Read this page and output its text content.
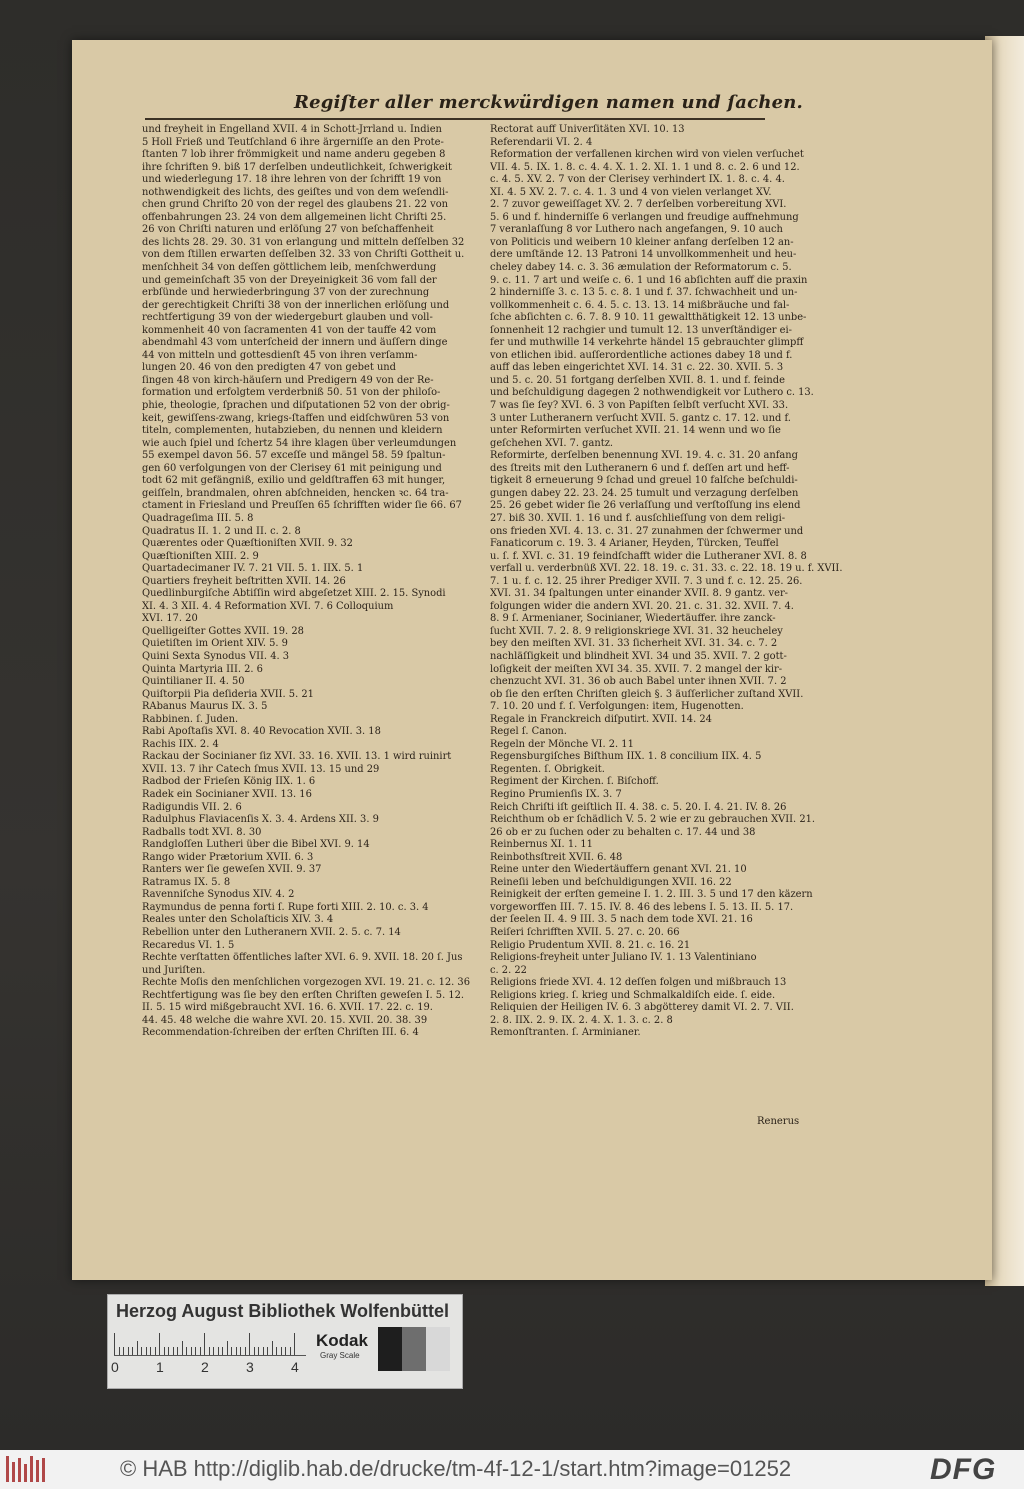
Regiſter aller merckwürdigen namen und ſachen.
und freyheit in Engelland XVII. 4 in Schott-Jrrland u. Indien
5 Holl Frieß und Teutſchland 6 ihre ärgerniſſe an den Prote-
ſtanten 7 lob ihrer frömmigkeit und name anderu gegeben 8
ihre ſchriften 9. biß 17 derſelben undeutlichkeit, ſchwerigkeit
und wiederlegung 17. 18 ihre lehren von der ſchrifft 19 von
nothwendigkeit des lichts, des geiſtes und von dem weſendli-
chen grund Chriſto 20 von der regel des glaubens 21. 22 von
offenbahrungen 23. 24 von dem allgemeinen licht Chriſti 25.
26 von Chriſti naturen und erlöſung 27 von beſchaffenheit
des lichts 28. 29. 30. 31 von erlangung und mitteln deſſelben 32
von dem ſtillen erwarten deſſelben 32. 33 von Chriſti Gottheit u.
menſchheit 34 von deſſen göttlichem leib, menſchwerdung
und gemeinſchaft 35 von der Dreyeinigkeit 36 vom fall der
erbſünde und herwiederbringung 37 von der zurechnung
der gerechtigkeit Chriſti 38 von der innerlichen erlöſung und
rechtfertigung 39 von der wiedergeburt glauben und voll-
kommenheit 40 von ſacramenten 41 von der tauffe 42 vom
abendmahl 43 vom unterſcheid der innern und äuſſern dinge
44 von mitteln und gottesdienſt 45 von ihren verſamm-
lungen 20. 46 von den predigten 47 von gebet und
ſingen 48 von kirch-häuſern und Predigern 49 von der Re-
formation und erfolgtem verderbniß 50. 51 von der philoſo-
phie, theologie, ſprachen und diſputationen 52 von der obrig-
keit, gewiſſens-zwang, kriegs-ſtaffen und eidſchwüren 53 von
titeln, complementen, hutabzieben, du nennen und kleidern
wie auch ſpiel und ſchertz 54 ihre klagen über verleumdungen
55 exempel davon 56. 57 exceſſe und mängel 58. 59 ſpaltun-
gen 60 verfolgungen von der Clerisey 61 mit peinigung und
todt 62 mit gefängniß, exilio und geldſtraffen 63 mit hunger,
geiſſeln, brandmalen, ohren abſchneiden, hencken ꝛc. 64 tra-
ctament in Friesland und Preuſſen 65 ſchrifften wider ſie 66. 67
Quadrageſima III. 5. 8
Quadratus II. 1. 2 und II. c. 2. 8
Quærentes oder Quæſtioniſten XVII. 9. 32
Quæſtioniſten XIII. 2. 9
Quartadecimaner IV. 7. 21 VII. 5. 1. IIX. 5. 1
Quartiers freyheit beſtritten XVII. 14. 26
Quedlinburgiſche Abtiſſin wird abgeſetzet XIII. 2. 15. Synodi
XI. 4. 3 XII. 4. 4 Reformation XVI. 7. 6 Colloquium
XVI. 17. 20
Quelligeiſter Gottes XVII. 19. 28
Quietiſten im Orient XIV. 5. 9
Quini Sexta Synodus VII. 4. 3
Quinta Martyria III. 2. 6
Quintilianer II. 4. 50
Quiſtorpii Pia deſideria XVII. 5. 21
RAbanus Maurus IX. 3. 5
Rabbinen. ſ. Juden.
Rabi Apoſtaſis XVI. 8. 40 Revocation XVII. 3. 18
Rachis IIX. 2. 4
Rackau der Socinianer ſiz XVI. 33. 16. XVII. 13. 1 wird ruinirt
XVII. 13. 7 ihr Catech ſmus XVII. 13. 15 und 29
Radbod der Frieſen König IIX. 1. 6
Radek ein Socinianer XVII. 13. 16
Radigundis VII. 2. 6
Radulphus Flaviacenſis X. 3. 4. Ardens XII. 3. 9
Radballs todt XVI. 8. 30
Randgloſſen Lutheri über die Bibel XVI. 9. 14
Rango wider Prætorium XVII. 6. 3
Ranters wer ſie geweſen XVII. 9. 37
Ratramus IX. 5. 8
Ravenniſche Synodus XIV. 4. 2
Raymundus de penna forti ſ. Rupe forti XIII. 2. 10. c. 3. 4
Reales unter den Scholaſticis XIV. 3. 4
Rebellion unter den Lutheranern XVII. 2. 5. c. 7. 14
Recaredus VI. 1. 5
Rechte verſtatten öffentliches laſter XVI. 6. 9. XVII. 18. 20 ſ. Jus
und Juriſten.
Rechte Moſis den menſchlichen vorgezogen XVI. 19. 21. c. 12. 36
Rechtfertigung was ſie bey den erſten Chriſten geweſen I. 5. 12.
II. 5. 15 wird mißgebraucht XVI. 16. 6. XVII. 17. 22. c. 19.
44. 45. 48 welche die wahre XVI. 20. 15. XVII. 20. 38. 39
Recommendation-ſchreiben der erſten Chriſten III. 6. 4
Rectorat auff Univerſitäten XVI. 10. 13
Referendarii VI. 2. 4
Reformation der verfallenen kirchen wird von vielen verſuchet
VII. 4. 5. IX. 1. 8. c. 4. 4. X. 1. 2. XI. 1. 1 und 8. c. 2. 6 und 12.
c. 4. 5. XV. 2. 7 von der Clerisey verhindert IX. 1. 8. c. 4. 4.
XI. 4. 5 XV. 2. 7. c. 4. 1. 3 und 4 von vielen verlanget XV.
2. 7 zuvor geweiſſaget XV. 2. 7 derſelben vorbereitung XVI.
5. 6 und f. hinderniſſe 6 verlangen und freudige auffnehmung
7 veranlaſſung 8 vor Luthero nach angefangen, 9. 10 auch
von Politicis und weibern 10 kleiner anfang derſelben 12 an-
dere umſtände 12. 13 Patroni 14 unvollkommenheit und heu-
cheley dabey 14. c. 3. 36 æmulation der Reformatorum c. 5.
9. c. 11. 7 art und weiſe c. 6. 1 und 16 abſichten auff die praxin
2 hinderniſſe 3. c. 13 5. c. 8. 1 und f. 37. ſchwachheit und un-
vollkommenheit c. 6. 4. 5. c. 13. 13. 14 mißbräuche und fal-
ſche abſichten c. 6. 7. 8. 9 10. 11 gewaltthätigkeit 12. 13 unbe-
ſonnenheit 12 rachgier und tumult 12. 13 unverſtändiger ei-
fer und muthwille 14 verkehrte händel 15 gebrauchter glimpff
von etlichen ibid. auſſerordentliche actiones dabey 18 und f.
auff das leben eingerichtet XVI. 14. 31 c. 22. 30. XVII. 5. 3
und 5. c. 20. 51 fortgang derſelben XVII. 8. 1. und f. feinde
und beſchuldigung dagegen 2 nothwendigkeit vor Luthero c. 13.
7 was ſie ſey? XVI. 6. 3 von Papiſten ſelbſt verſucht XVI. 33.
3 unter Lutheranern verſucht XVII. 5. gantz c. 17. 12. und f.
unter Reformirten verſuchet XVII. 21. 14 wenn und wo ſie
geſchehen XVI. 7. gantz.
Reformirte, derſelben benennung XVI. 19. 4. c. 31. 20 anfang
des ſtreits mit den Lutheranern 6 und f. deſſen art und heff-
tigkeit 8 erneuerung 9 ſchad und greuel 10 falſche beſchuldi-
gungen dabey 22. 23. 24. 25 tumult und verzagung derſelben
25. 26 gebet wider ſie 26 verlaſſung und verſtoſſung ins elend
27. biß 30. XVII. 1. 16 und f. ausſchlieſſung von dem religi-
ons frieden XVI. 4. 13. c. 31. 27 zunahmen der ſchwermer und
Fanaticorum c. 19. 3. 4 Arianer, Heyden, Türcken, Teuffel
u. ſ. f. XVI. c. 31. 19 feindſchafft wider die Lutheraner XVI. 8. 8
verfall u. verderbnüß XVI. 22. 18. 19. c. 31. 33. c. 22. 18. 19 u. f. XVII.
7. 1 u. f. c. 12. 25 ihrer Prediger XVII. 7. 3 und f. c. 12. 25. 26.
XVI. 31. 34 ſpaltungen unter einander XVII. 8. 9 gantz. ver-
folgungen wider die andern XVI. 20. 21. c. 31. 32. XVII. 7. 4.
8. 9 ſ. Armenianer, Socinianer, Wiedertäuffer. ihre zanck-
ſucht XVII. 7. 2. 8. 9 religionskriege XVI. 31. 32 heucheley
bey den meiſten XVI. 31. 33 ſicherheit XVI. 31. 34. c. 7. 2
nachläſſigkeit und blindheit XVI. 34 und 35. XVII. 7. 2 gott-
loſigkeit der meiſten XVI 34. 35. XVII. 7. 2 mangel der kir-
chenzucht XVI. 31. 36 ob auch Babel unter ihnen XVII. 7. 2
ob ſie den erſten Chriſten gleich §. 3 äuſſerlicher zuſtand XVII.
7. 10. 20 und f. ſ. Verfolgungen: item, Hugenotten.
Regale in Franckreich diſputirt. XVII. 14. 24
Regel ſ. Canon.
Regeln der Mönche VI. 2. 11
Regensburgiſches Biſthum IIX. 1. 8 concilium IIX. 4. 5
Regenten. ſ. Obrigkeit.
Regiment der Kirchen. ſ. Biſchoff.
Regino Prumienſis IX. 3. 7
Reich Chriſti iſt geiſtlich II. 4. 38. c. 5. 20. I. 4. 21. IV. 8. 26
Reichthum ob er ſchädlich V. 5. 2 wie er zu gebrauchen XVII. 21.
26 ob er zu ſuchen oder zu behalten c. 17. 44 und 38
Reinbernus XI. 1. 11
Reinbothsſtreit XVII. 6. 48
Reine unter den Wiedertäuffern genant XVI. 21. 10
Reineſii leben und beſchuldigungen XVII. 16. 22
Reinigkeit der erſten gemeine I. 1. 2. III. 3. 5 und 17 den käzern
vorgeworffen III. 7. 15. IV. 8. 46 des lebens I. 5. 13. II. 5. 17.
der ſeelen II. 4. 9 III. 3. 5 nach dem tode XVI. 21. 16
Reiſeri ſchrifften XVII. 5. 27. c. 20. 66
Religio Prudentum XVII. 8. 21. c. 16. 21
Religions-freyheit unter Juliano IV. 1. 13 Valentiniano
c. 2. 22
Religions friede XVI. 4. 12 deſſen folgen und mißbrauch 13
Religions krieg. ſ. krieg und Schmalkaldiſch eide. ſ. eide.
Reliquien der Heiligen IV. 6. 3 abgötterey damit VI. 2. 7. VII.
2. 8. IIX. 2. 9. IX. 2. 4. X. 1. 3. c. 2. 8
Remonſtranten. ſ. Arminianer.
Renerus
Herzog August Bibliothek Wolfenbüttel
0	1	2	3	4
Kodak
Gray Scale
© HAB http://diglib.hab.de/drucke/tm-4f-12-1/start.htm?image=01252	DFG
